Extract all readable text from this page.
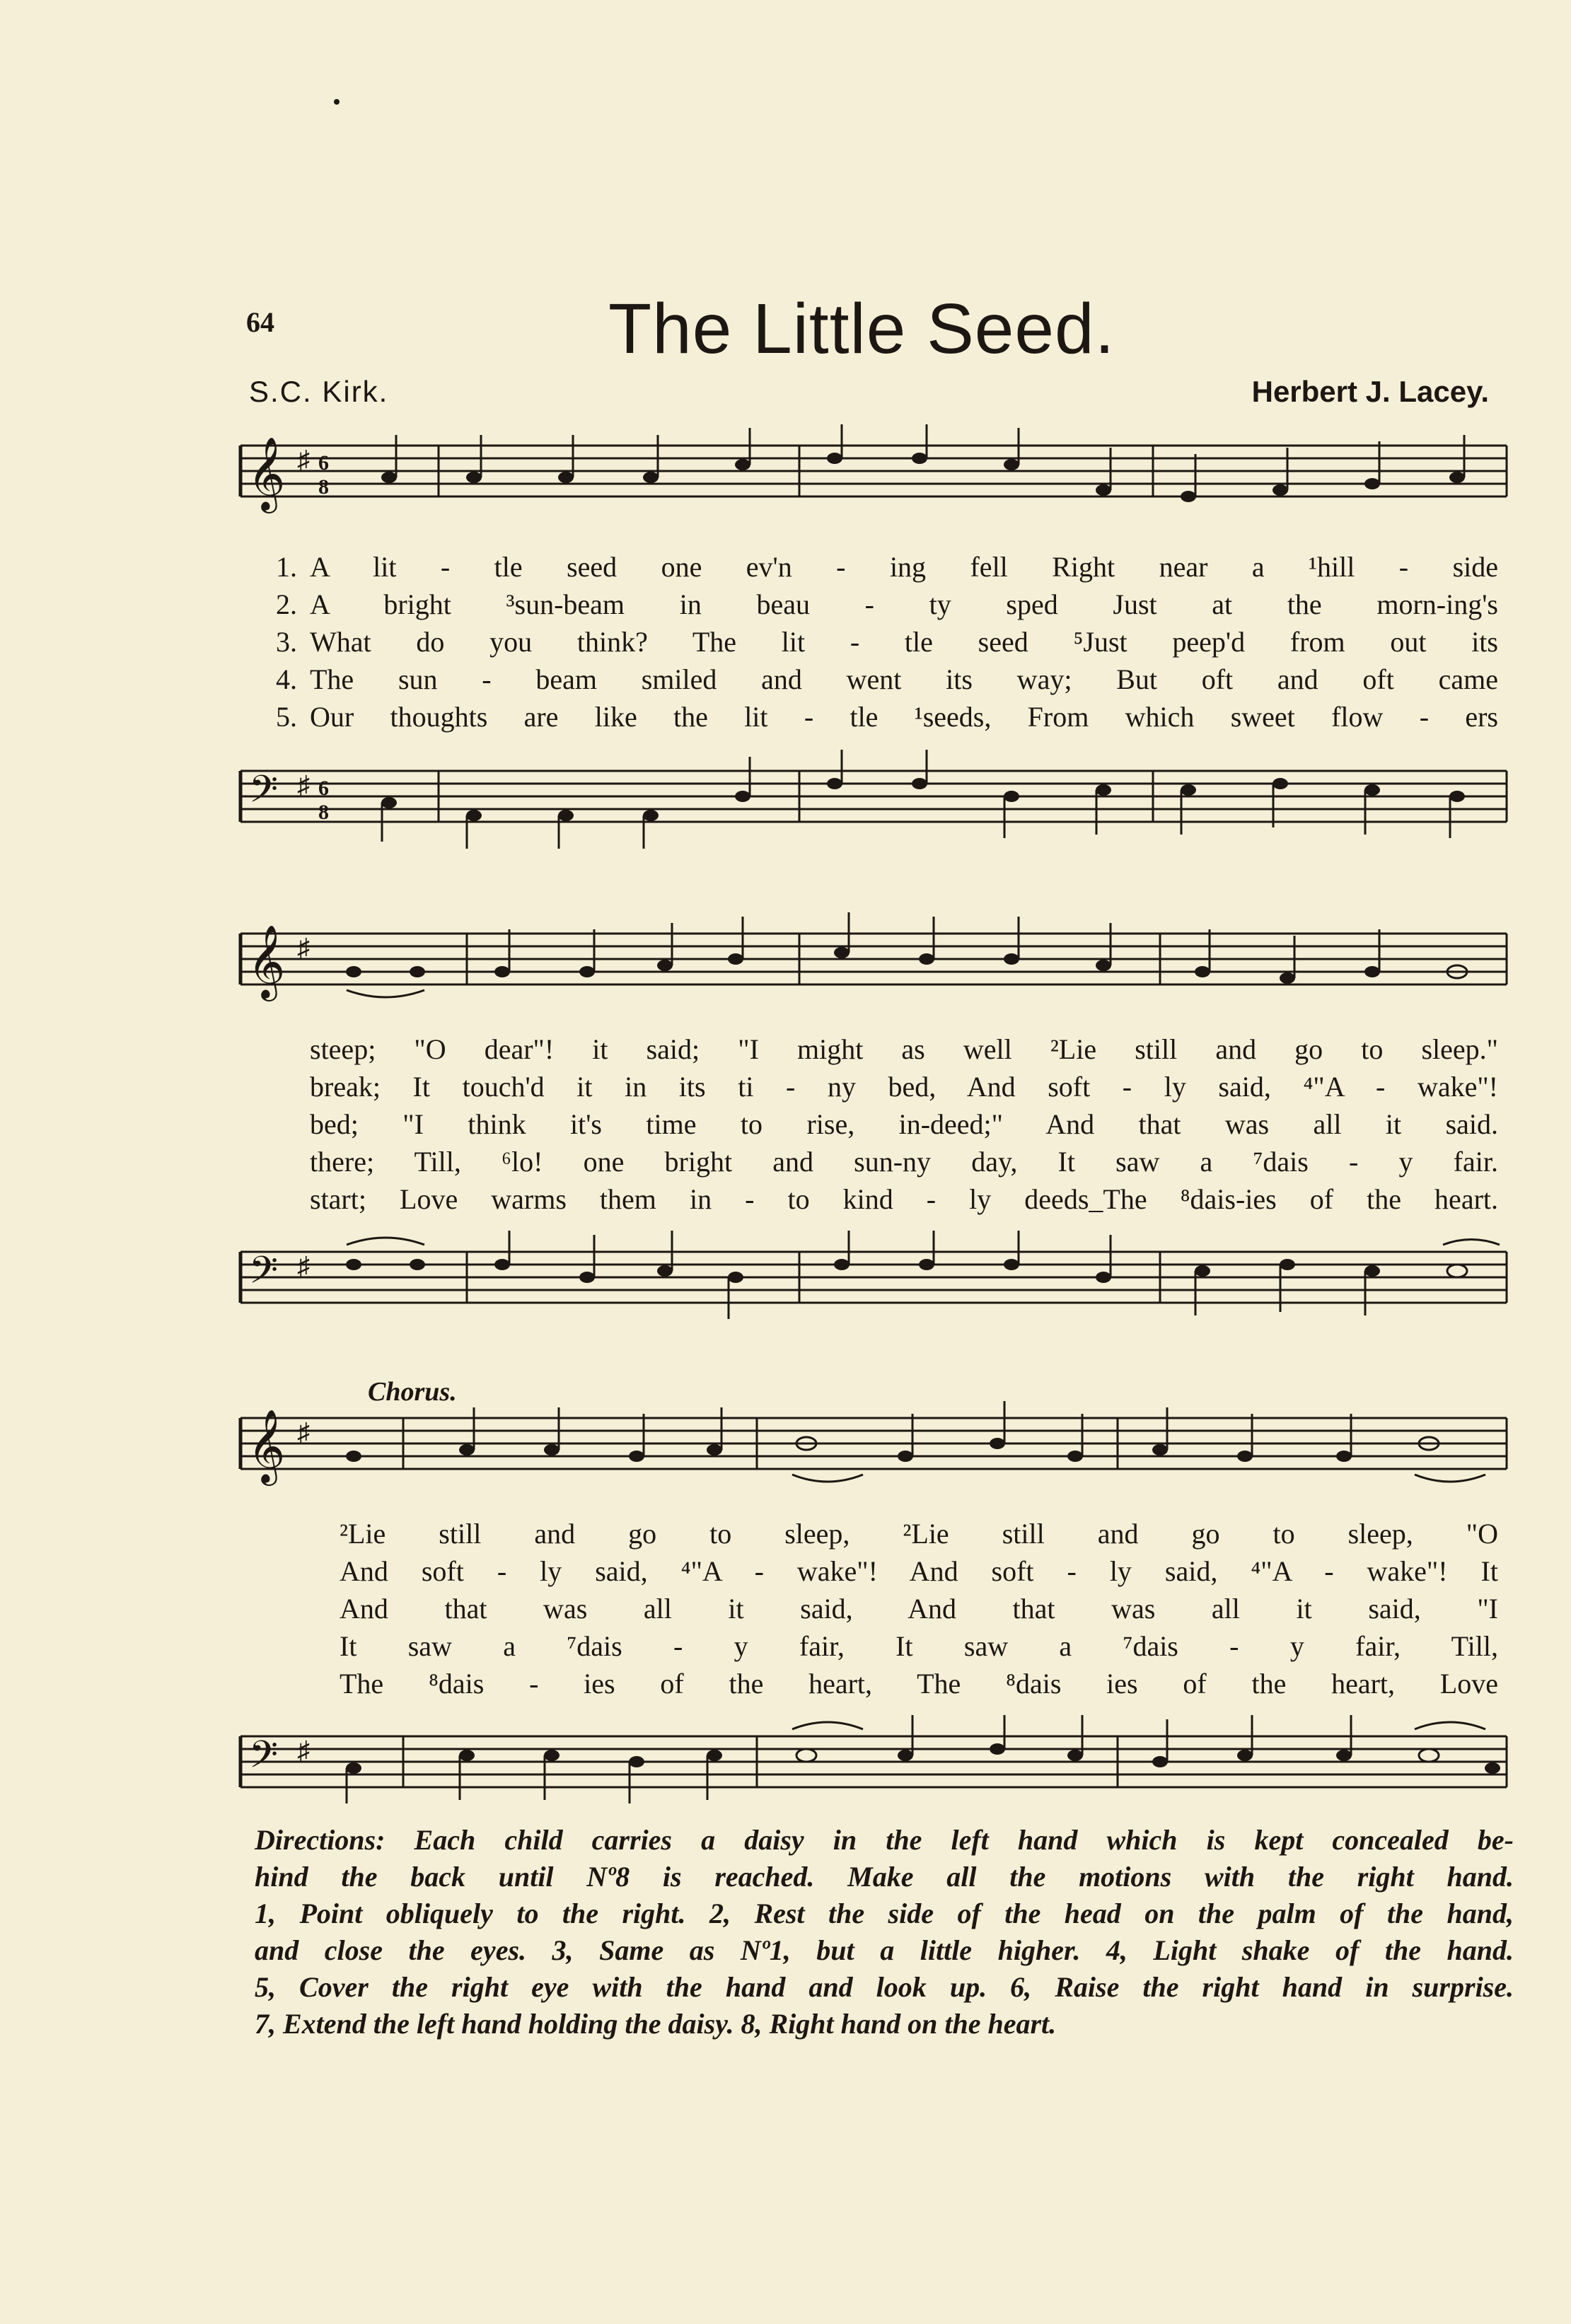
64	The Little Seed.
S.C. Kirk.	Herbert J. Lacey.
𝄞 ♯ 6
8
1. A lit - tle seed one ev'n - ing fell Right near a ¹hill - side
2. A bright ³sun-beam in beau - ty sped Just at the morn-ing's
3. What do you think? The lit - tle seed ⁵Just peep'd from out its
4. The sun - beam smiled and went its way; But oft and oft came
5. Our thoughts are like the lit - tle ¹seeds, From which sweet flow - ers
𝄢 ♯ 6
8
𝄞 ♯
steep; "O dear"! it said; "I might as well ²Lie still and go to sleep."
break; It touch'd it in its ti - ny bed, And soft - ly said, ⁴"A - wake"!
bed; "I think it's time to rise, in-deed;" And that was all it said.
there; Till, ⁶lo! one bright and sun-ny day, It saw a ⁷dais - y fair.
start; Love warms them in - to kind - ly deeds_The ⁸dais-ies of the heart.
𝄢 ♯
Chorus.
𝄞 ♯
²Lie still and go to sleep, ²Lie still and go to sleep, "O
And soft - ly said, ⁴"A - wake"! And soft - ly said, ⁴"A - wake"! It
And that was all it said, And that was all it said, "I
It saw a ⁷dais - y fair, It saw a ⁷dais - y fair, Till,
The ⁸dais - ies of the heart, The ⁸dais ies of the heart, Love
𝄢 ♯

Directions: Each child carries a daisy in the left hand which is kept concealed be-

hind the back until Nº8 is reached. Make all the motions with the right hand.

1, Point obliquely to the right. 2, Rest the side of the head on the palm of the hand,

and close the eyes. 3, Same as Nº1, but a little higher. 4, Light shake of the hand.

5, Cover the right eye with the hand and look up. 6, Raise the right hand in surprise.

7, Extend the left hand holding the daisy. 8, Right hand on the heart.
